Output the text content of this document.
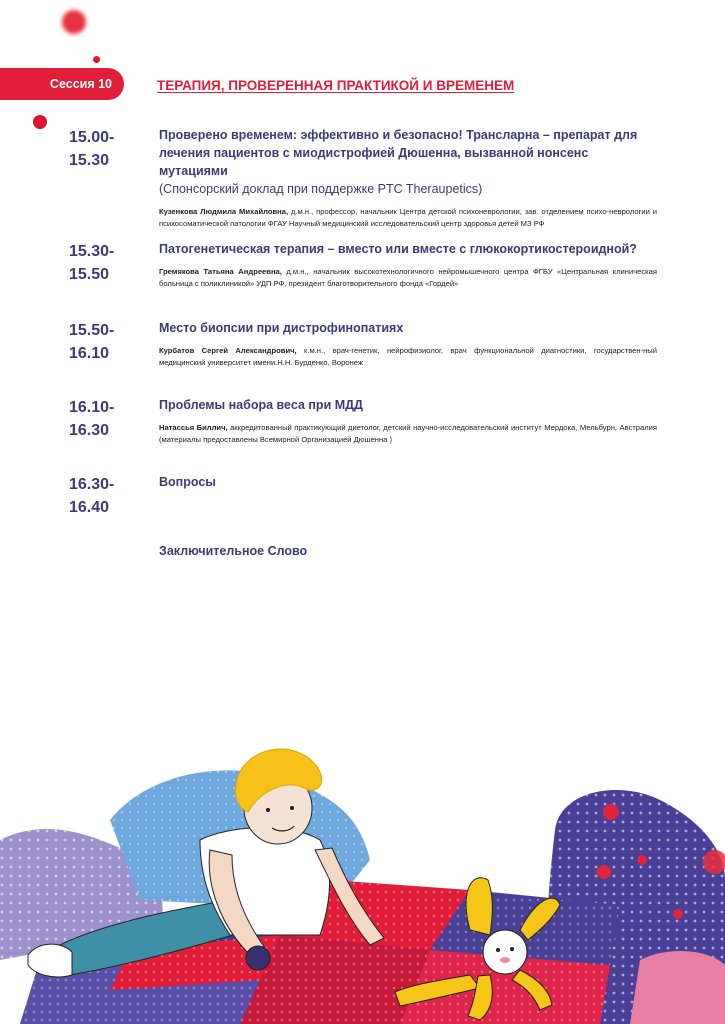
Сессия 10	ТЕРАПИЯ, ПРОВЕРЕННАЯ ПРАКТИКОЙ И ВРЕМЕНЕМ
15.00-
15.30
Проверено временем: эффективно и безопасно! Трансларна – препарат для лечения пациентов с миодистрофией Дюшенна, вызванной нонсенс мутациями
(Спонсорский доклад при поддержке PTC Theraupetics)
Кузенкова Людмила Михайловна, д.м.н., профессор, начальник Центра детской психоневрологии, зав. отделением психо-неврологии и психосоматической патологии ФГАУ Научный медицинский исследовательский центр здоровья детей МЗ РФ
15.30-
15.50
Патогенетическая терапия – вместо или вместе с глюкокортикостероидной?
Гремякова Татьяна Андреевна, д.м.н., начальник высокотехнологичного нейромышечного центра ФГБУ «Центральная клиническая больница с поликлиникой» УДП РФ, президент благотворительного фонда «Гордей»
15.50-
16.10
Место биопсии при дистрофинопатиях
Курбатов Сергей Александрович, к.м.н., врач-генетик, нейрофизиолог, врач функциональной диагностики, государствен-ный медицинский университет имени.Н.Н. Бурденко, Воронеж
16.10-
16.30
Проблемы набора веса при МДД
Натассья Биллич, аккредитованный практикующий диетолог, детский научно-исследовательский институт Мердока, Мельбурн, Австралия (материалы предоставлены Всемирной Организацией Дюшенна )
16.30-
16.40
Вопросы
Заключительное Слово
